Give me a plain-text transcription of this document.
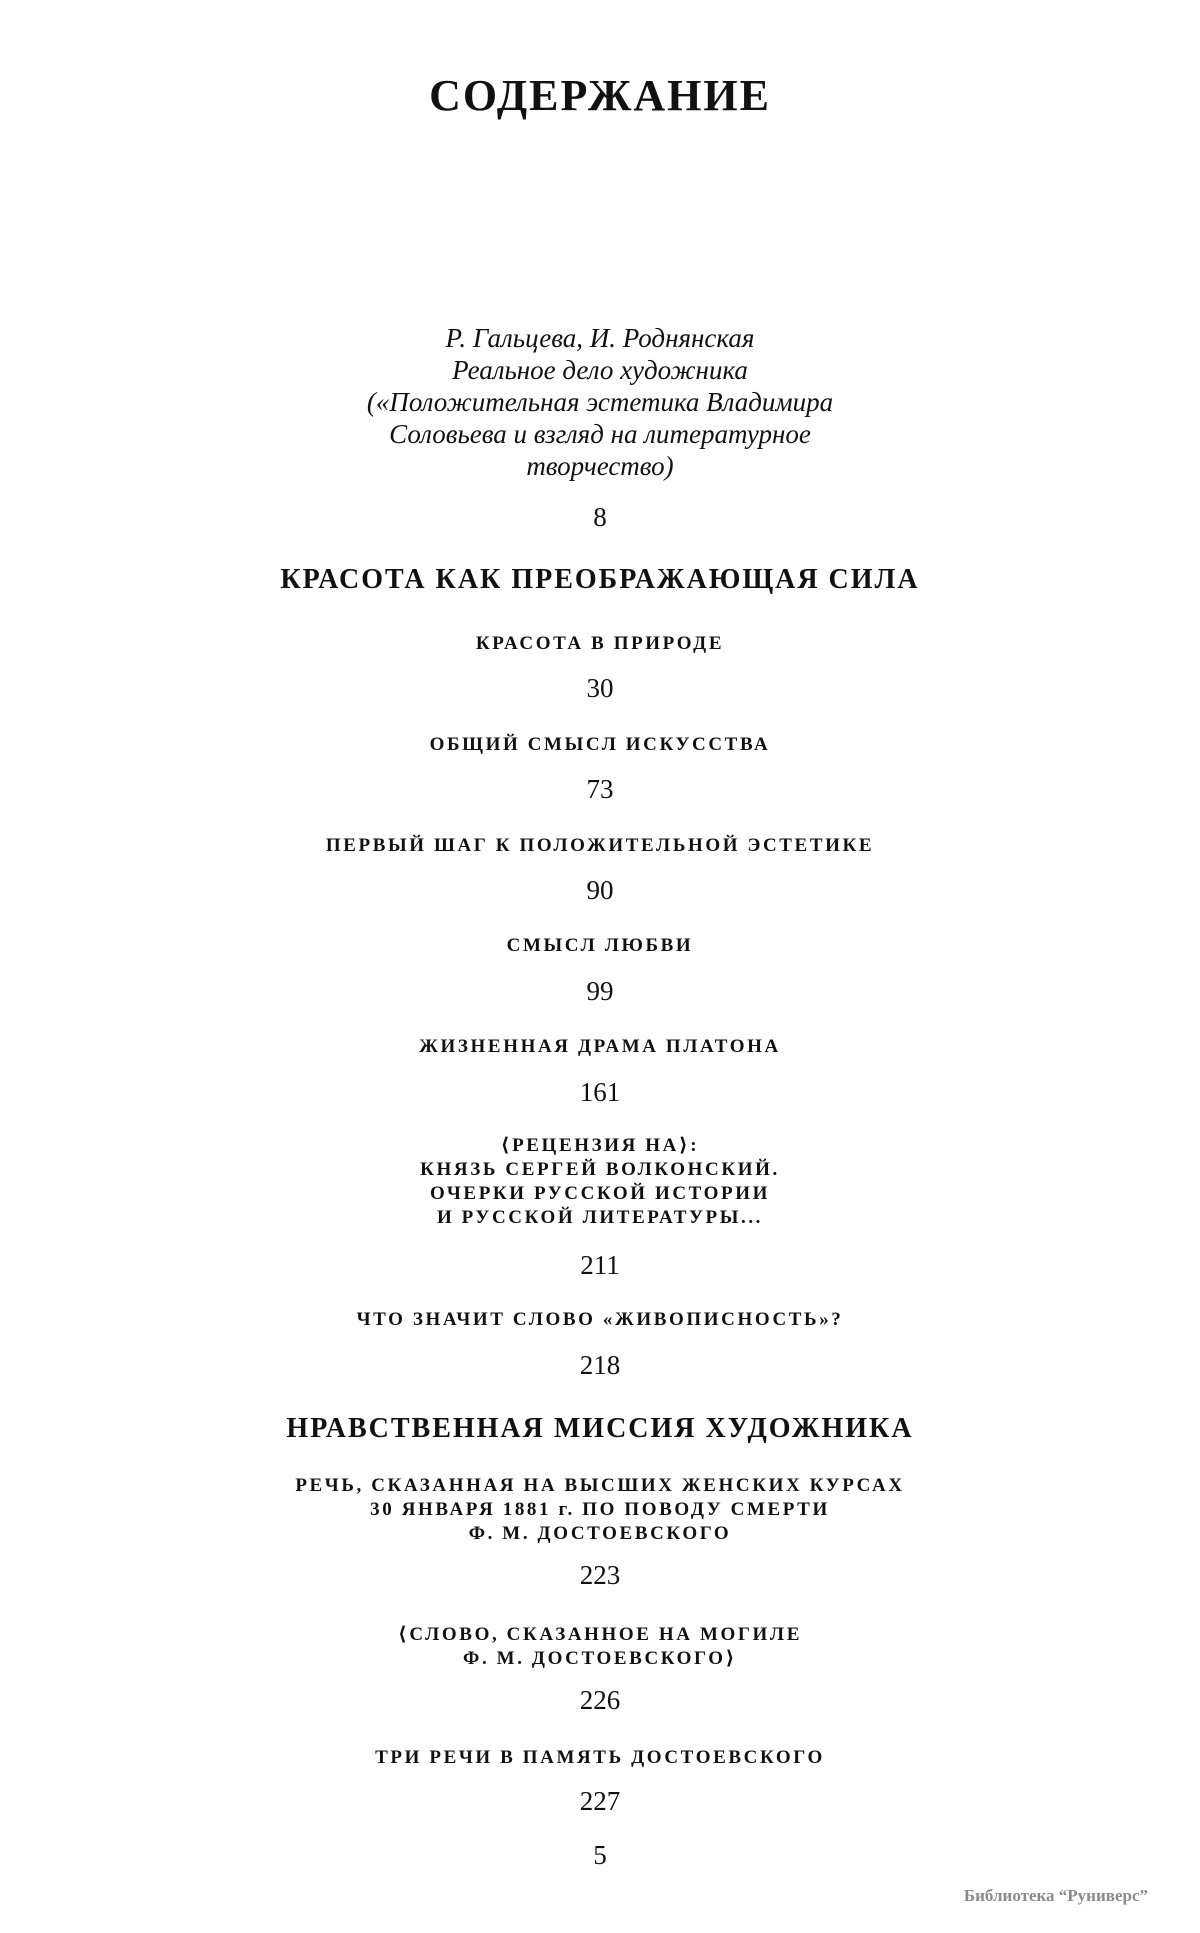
СОДЕРЖАНИЕ
Р. Гальцева, И. Роднянская
Реальное дело художника
(«Положительная эстетика Владимира
Соловьева и взгляд на литературное
творчество)
8
КРАСОТА КАК ПРЕОБРАЖАЮЩАЯ СИЛА
КРАСОТА В ПРИРОДЕ
30
ОБЩИЙ СМЫСЛ ИСКУССТВА
73
ПЕРВЫЙ ШАГ К ПОЛОЖИТЕЛЬНОЙ ЭСТЕТИКЕ
90
СМЫСЛ ЛЮБВИ
99
ЖИЗНЕННАЯ ДРАМА ПЛАТОНА
161
⟨РЕЦЕНЗИЯ НА⟩:
КНЯЗЬ СЕРГЕЙ ВОЛКОНСКИЙ.
ОЧЕРКИ РУССКОЙ ИСТОРИИ
И РУССКОЙ ЛИТЕРАТУРЫ...
211
ЧТО ЗНАЧИТ СЛОВО «ЖИВОПИСНОСТЬ»?
218
НРАВСТВЕННАЯ МИССИЯ ХУДОЖНИКА
РЕЧЬ, СКАЗАННАЯ НА ВЫСШИХ ЖЕНСКИХ КУРСАХ
30 ЯНВАРЯ 1881 г. ПО ПОВОДУ СМЕРТИ
Ф. М. ДОСТОЕВСКОГО
223
⟨СЛОВО, СКАЗАННОЕ НА МОГИЛЕ
Ф. М. ДОСТОЕВСКОГО⟩
226
ТРИ РЕЧИ В ПАМЯТЬ ДОСТОЕВСКОГО
227
5
Библиотека “Руниверс”
